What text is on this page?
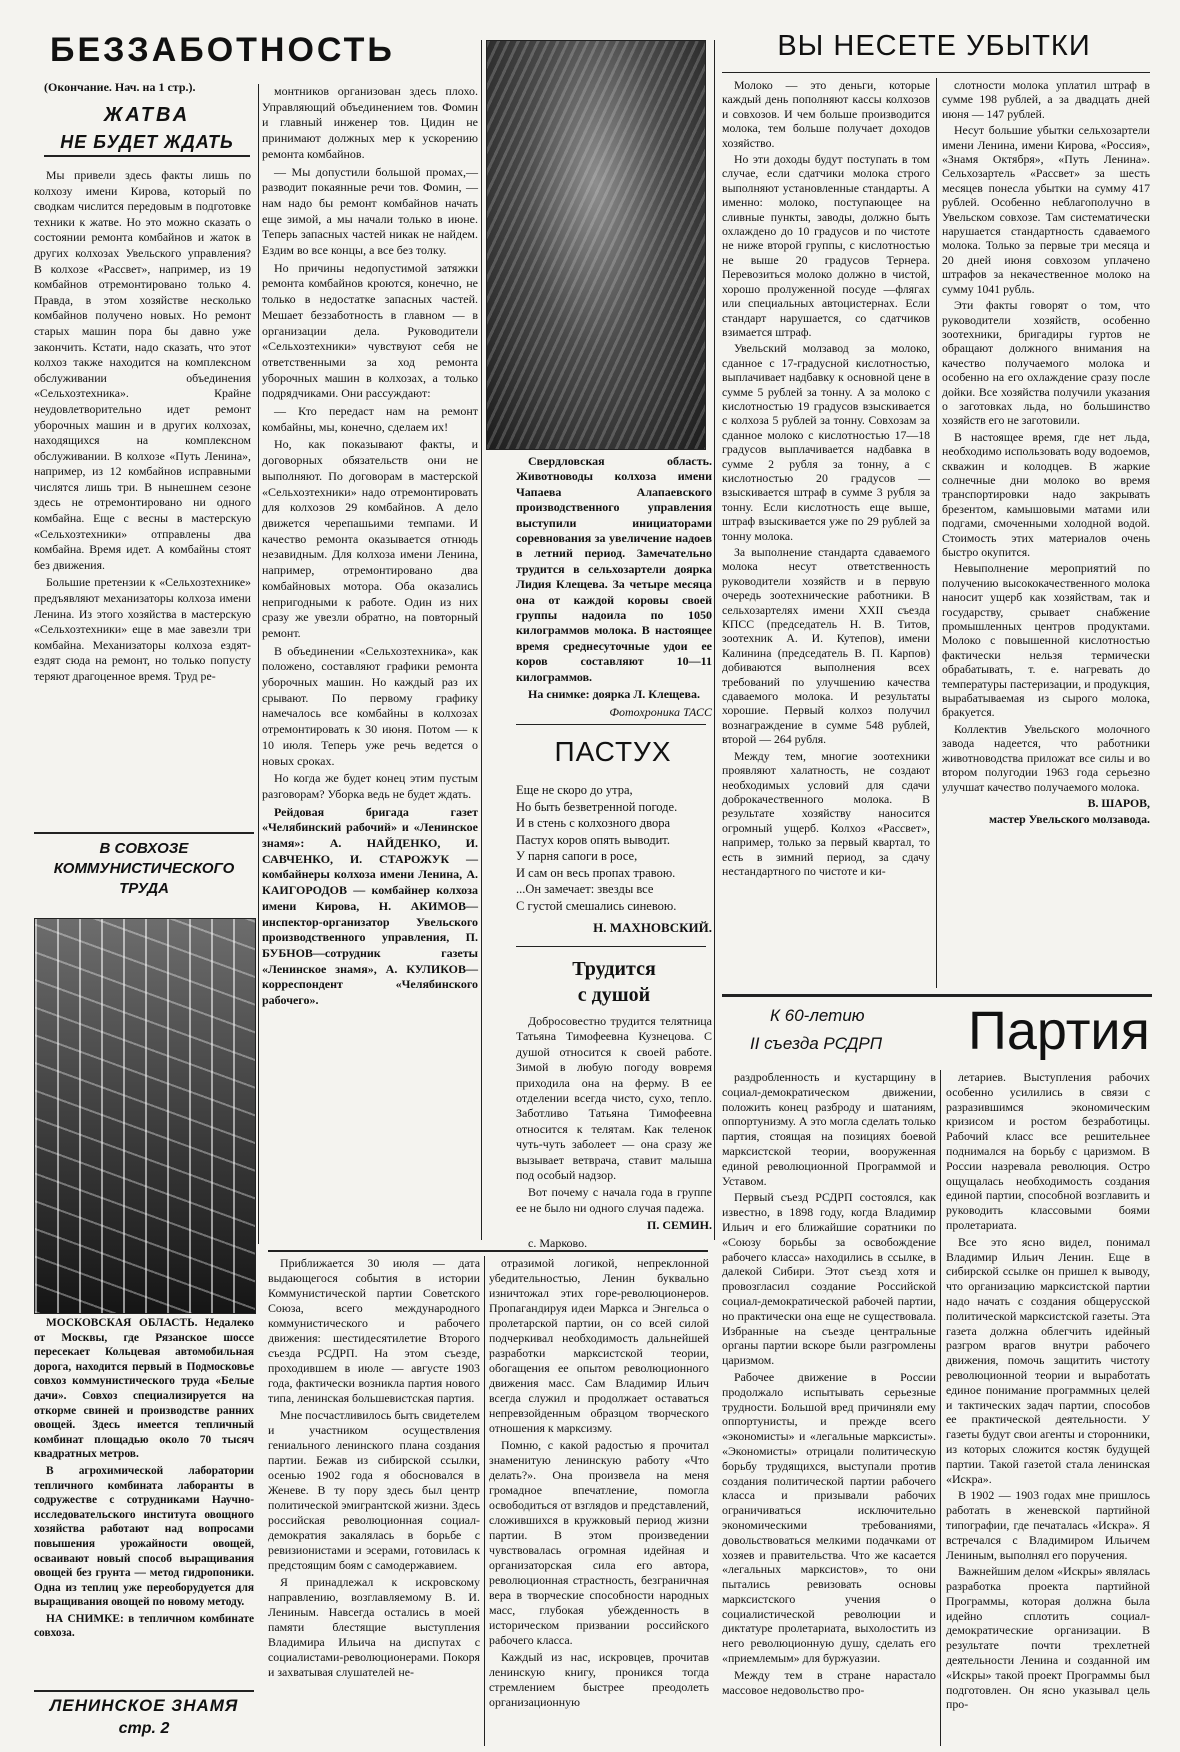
БЕЗЗАБОТНОСТЬ
(Окончание. Нач. на 1 стр.).
ЖАТВА
НЕ БУДЕТ ЖДАТЬ

Мы привели здесь факты лишь по колхозу имени Кирова, который по сводкам числится передовым в подготовке техники к жатве. Но это можно сказать о состоянии ремонта комбайнов и жаток в других колхозах Увельского управления? В колхозе «Рассвет», например, из 19 комбайнов отремонтировано только 4. Правда, в этом хозяйстве несколько комбайнов получено новых. Но ремонт старых машин пора бы давно уже закончить. Кстати, надо сказать, что этот колхоз также находится на комплексном обслуживании объединения «Сельхозтехника». Крайне неудовлетворительно идет ремонт уборочных машин и в других колхозах, находящихся на комплексном обслуживании. В колхозе «Путь Ленина», например, из 12 комбайнов исправными числятся лишь три. В нынешнем сезоне здесь не отремонтировано ни одного комбайна. Еще с весны в мастерскую «Сельхозтехники» отправлены два комбайна. Время идет. А комбайны стоят без движения.

Большие претензии к «Сельхозтехнике» предъявляют механизаторы колхоза имени Ленина. Из этого хозяйства в мастерскую «Сельхозтехники» еще в мае завезли три комбайна. Механизаторы колхоза ездят-ездят сюда на ремонт, но только попусту теряют драгоценное время. Труд ре-

В СОВХОЗЕ
КОММУНИСТИЧЕСКОГО
ТРУДА

МОСКОВСКАЯ ОБЛАСТЬ. Недалеко от Москвы, где Рязанское шоссе пересекает Кольцевая автомобильная дорога, находится первый в Подмосковье совхоз коммунистического труда «Белые дачи». Совхоз специализируется на откорме свиней и производстве ранних овощей. Здесь имеется тепличный комбинат площадью около 70 тысяч квадратных метров.

В агрохимической лаборатории тепличного комбината лаборанты в содружестве с сотрудниками Научно-исследовательского института овощного хозяйства работают над вопросами повышения урожайности овощей, осваивают новый способ выращивания овощей без грунта — метод гидропоники. Одна из теплиц уже переоборудуется для выращивания овощей по новому методу.

НА СНИМКЕ: в тепличном комбинате совхоза.

ЛЕНИНСКОЕ ЗНАМЯ
стр. 2

монтников организован здесь плохо. Управляющий объединением тов. Фомин и главный инженер тов. Цидин не принимают должных мер к ускорению ремонта комбайнов.

— Мы допустили большой промах,— разводит покаянные речи тов. Фомин, — нам надо бы ремонт комбайнов начать еще зимой, а мы начали только в июне. Теперь запасных частей никак не найдем. Ездим во все концы, а все без толку.

Но причины недопустимой затяжки ремонта комбайнов кроются, конечно, не только в недостатке запасных частей. Мешает беззаботность в главном — в организации дела. Руководители «Сельхозтехники» чувствуют себя не ответственными за ход ремонта уборочных машин в колхозах, а только подрядчиками. Они рассуждают:

— Кто передаст нам на ремонт комбайны, мы, конечно, сделаем их!

Но, как показывают факты, и договорных обязательств они не выполняют. По договорам в мастерской «Сельхозтехники» надо отремонтировать для колхозов 29 комбайнов. А дело движется черепашьими темпами. И качество ремонта оказывается отнюдь незавидным. Для колхоза имени Ленина, например, отремонтировано два комбайновых мотора. Оба оказались непригодными к работе. Один из них сразу же увезли обратно, на повторный ремонт.

В объединении «Сельхозтехника», как положено, составляют графики ремонта уборочных машин. Но каждый раз их срывают. По первому графику намечалось все комбайны в колхозах отремонтировать к 30 июня. Потом — к 10 июля. Теперь уже речь ведется о новых сроках.

Но когда же будет конец этим пустым разговорам? Уборка ведь не будет ждать.

Рейдовая бригада газет «Челябинский рабочий» и «Ленинское знамя»: А. НАЙДЕНКО, И. САВЧЕНКО, И. СТАРОЖУК — комбайнеры колхоза имени Ленина, А. КАИГОРОДОВ — комбайнер колхоза имени Кирова, Н. АКИМОВ—инспектор-организатор Увельского производственного управления, П. БУБНОВ—сотрудник газеты «Ленинское знамя», А. КУЛИКОВ—корреспондент «Челябинского рабочего».

Свердловская область. Животноводы колхоза имени Чапаева Алапаевского производственного управления выступили инициаторами соревнования за увеличение надоев в летний период. Замечательно трудится в сельхозартели доярка Лидия Клещева. За четыре месяца она от каждой коровы своей группы надоила по 1050 килограммов молока. В настоящее время среднесуточные удои ее коров составляют 10—11 килограммов.

На снимке: доярка Л. Клещева.

Фотохроника ТАСС

ПАСТУХ
Еще не скоро до утра,
Но быть безветренной погоде.
И в стень с колхозного двора
Пастух коров опять выводит.
У парня сапоги в росе,
И сам он весь пропах травою.
...Он замечает: звезды все
С густой смешались синевою.
Н. МАХНОВСКИЙ.
Трудится
с душой

Добросовестно трудится телятница Татьяна Тимофеевна Кузнецова. С душой относится к своей работе. Зимой в любую погоду вовремя приходила она на ферму. В ее отделении всегда чисто, сухо, тепло. Заботливо Татьяна Тимофеевна относится к телятам. Как теленок чуть-чуть заболеет — она сразу же вызывает ветврача, ставит малыша под особый надзор.

Вот почему с начала года в группе ее не было ни одного случая падежа.

П. СЕМИН.

с. Марково.

ВЫ НЕСЕТЕ УБЫТКИ

Молоко — это деньги, которые каждый день пополняют кассы колхозов и совхозов. И чем больше производится молока, тем больше получает доходов хозяйство.

Но эти доходы будут поступать в том случае, если сдатчики молока строго выполняют установленные стандарты. А именно: молоко, поступающее на сливные пункты, заводы, должно быть охлаждено до 10 градусов и по чистоте не ниже второй группы, с кислотностью не выше 20 градусов Тернера. Перевозиться молоко должно в чистой, хорошо пролуженной посуде —флягах или специальных автоцистернах. Если стандарт нарушается, со сдатчиков взимается штраф.

Увельский молзавод за молоко, сданное с 17-градусной кислотностью, выплачивает надбавку к основной цене в сумме 5 рублей за тонну. А за молоко с кислотностью 19 градусов взыскивается с колхоза 5 рублей за тонну. Совхозам за сданное молоко с кислотностью 17—18 градусов выплачивается надбавка в сумме 2 рубля за тонну, а с кислотностью 20 градусов —взыскивается штраф в сумме 3 рубля за тонну. Если кислотность еще выше, штраф взыскивается уже по 29 рублей за тонну молока.

За выполнение стандарта сдаваемого молока несут ответственность руководители хозяйств и в первую очередь зоотехнические работники. В сельхозартелях имени XXII съезда КПСС (председатель Н. В. Титов, зоотехник А. И. Кутепов), имени Калинина (председатель В. П. Карпов) добиваются выполнения всех требований по улучшению качества сдаваемого молока. И результаты хорошие. Первый колхоз получил вознаграждение в сумме 548 рублей, второй — 264 рубля.

Между тем, многие зоотехники проявляют халатность, не создают необходимых условий для сдачи доброкачественного молока. В результате хозяйству наносится огромный ущерб. Колхоз «Рассвет», например, только за первый квартал, то есть в зимний период, за сдачу нестандартного по чистоте и ки-

слотности молока уплатил штраф в сумме 198 рублей, а за двадцать дней июня — 147 рублей.

Несут большие убытки сельхозартели имени Ленина, имени Кирова, «Россия», «Знамя Октября», «Путь Ленина». Сельхозартель «Рассвет» за шесть месяцев понесла убытки на сумму 417 рублей. Особенно неблагополучно в Увельском совхозе. Там систематически нарушается стандартность сдаваемого молока. Только за первые три месяца и 20 дней июня совхозом уплачено штрафов за некачественное молоко на сумму 1041 рубль.

Эти факты говорят о том, что руководители хозяйств, особенно зоотехники, бригадиры гуртов не обращают должного внимания на качество получаемого молока и особенно на его охлаждение сразу после дойки. Все хозяйства получили указания о заготовках льда, но большинство хозяйств его не заготовили.

В настоящее время, где нет льда, необходимо использовать воду водоемов, скважин и колодцев. В жаркие солнечные дни молоко во время транспортировки надо закрывать брезентом, камышовыми матами или подгами, смоченными холодной водой. Стоимость этих материалов очень быстро окупится.

Невыполнение мероприятий по получению высококачественного молока наносит ущерб как хозяйствам, так и государству, срывает снабжение промышленных центров продуктами. Молоко с повышенной кислотностью фактически нельзя термически обрабатывать, т. е. нагревать до температуры пастеризации, и продукция, вырабатываемая из сырого молока, бракуется.

Коллектив Увельского молочного завода надеется, что работники животноводства приложат все силы и во втором полугодии 1963 года серьезно улучшат качество получаемого молока.

В. ШАРОВ,

мастер Увельского молзавода.

К 60-летию
II съезда РСДРП	Партия

Приближается 30 июля — дата выдающегося события в истории Коммунистической партии Советского Союза, всего международного коммунистического и рабочего движения: шестидесятилетие Второго съезда РСДРП. На этом съезде, проходившем в июле — августе 1903 года, фактически возникла партия нового типа, ленинская большевистская партия.

Мне посчастливилось быть свидетелем и участником осуществления гениального ленинского плана создания партии. Бежав из сибирской ссылки, осенью 1902 года я обосновался в Женеве. В ту пору здесь был центр политической эмигрантской жизни. Здесь российская революционная социал-демократия закалялась в борьбе с ревизионистами и эсерами, готовилась к предстоящим боям с самодержавием.

Я принадлежал к искровскому направлению, возглавляемому В. И. Лениным. Навсегда остались в моей памяти блестящие выступления Владимира Ильича на диспутах с социалистами-революционерами. Покоря и захватывая слушателей не-

отразимой логикой, непреклонной убедительностью, Ленин буквально изничтожал этих горе-революционеров. Пропагандируя идеи Маркса и Энгельса о пролетарской партии, он со всей силой подчеркивал необходимость дальнейшей разработки марксистской теории, обогащения ее опытом революционного движения масс. Сам Владимир Ильич всегда служил и продолжает оставаться непревзойденным образцом творческого отношения к марксизму.

Помню, с какой радостью я прочитал знаменитую ленинскую работу «Что делать?». Она произвела на меня громадное впечатление, помогла освободиться от взглядов и представлений, сложившихся в кружковый период жизни партии. В этом произведении чувствовалась огромная идейная и организаторская сила его автора, революционная страстность, безграничная вера в творческие способности народных масс, глубокая убежденность в историческом призвании российского рабочего класса.

Каждый из нас, искровцев, прочитав ленинскую книгу, проникся тогда стремлением быстрее преодолеть организационную

раздробленность и кустарщину в социал-демократическом движении, положить конец разброду и шатаниям, оппортунизму. А это могла сделать только партия, стоящая на позициях боевой марксистской теории, вооруженная единой революционной Программой и Уставом.

Первый съезд РСДРП состоялся, как известно, в 1898 году, когда Владимир Ильич и его ближайшие соратники по «Союзу борьбы за освобождение рабочего класса» находились в ссылке, в далекой Сибири. Этот съезд хотя и провозгласил создание Российской социал-демократической рабочей партии, но практически она еще не существовала. Избранные на съезде центральные органы партии вскоре были разгромлены царизмом.

Рабочее движение в России продолжало испытывать серьезные трудности. Большой вред причиняли ему оппортунисты, и прежде всего «экономисты» и «легальные марксисты». «Экономисты» отрицали политическую борьбу трудящихся, выступали против создания политической партии рабочего класса и призывали рабочих ограничиваться исключительно экономическими требованиями, довольствоваться мелкими подачками от хозяев и правительства. Что же касается «легальных марксистов», то они пытались ревизовать основы марксистского учения о социалистической революции и диктатуре пролетариата, выхолостить из него революционную душу, сделать его «приемлемым» для буржуазии.

Между тем в стране нарастало массовое недовольство про-

летариев. Выступления рабочих особенно усилились в связи с разразившимся экономическим кризисом и ростом безработицы. Рабочий класс все решительнее поднимался на борьбу с царизмом. В России назревала революция. Остро ощущалась необходимость создания единой партии, способной возглавить и руководить классовыми боями пролетариата.

Все это ясно видел, понимал Владимир Ильич Ленин. Еще в сибирской ссылке он пришел к выводу, что организацию марксистской партии надо начать с создания общерусской политической марксистской газеты. Эта газета должна облегчить идейный разгром врагов внутри рабочего движения, помочь защитить чистоту революционной теории и выработать единое понимание программных целей и тактических задач партии, способов ее практической деятельности. У газеты будут свои агенты и сторонники, из которых сложится костяк будущей партии. Такой газетой стала ленинская «Искра».

В 1902 — 1903 годах мне пришлось работать в женевской партийной типографии, где печаталась «Искра». Я встречался с Владимиром Ильичем Лениным, выполнял его поручения.

Важнейшим делом «Искры» являлась разработка проекта партийной Программы, которая должна была идейно сплотить социал-демократические организации. В результате почти трехлетней деятельности Ленина и созданной им «Искры» такой проект Программы был подготовлен. Он ясно указывал цель про-
